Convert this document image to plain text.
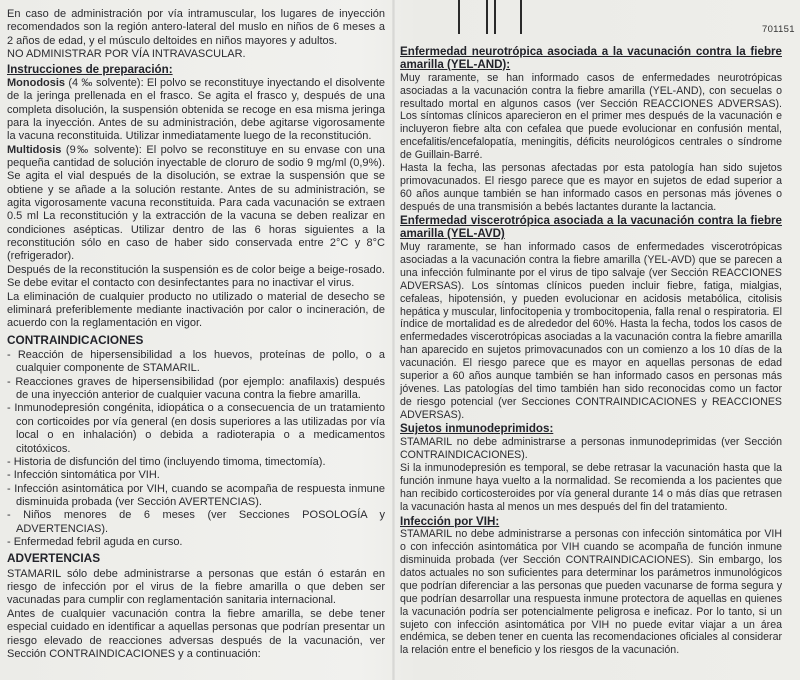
701151

En caso de administración por vía intramuscular, los lugares de inyección recomendados son la región antero-lateral del muslo en niños de 6 meses a 2 años de edad, y el músculo deltoides en niños mayores y adultos.

NO ADMINISTRAR POR VÍA INTRAVASCULAR.

Instrucciones de preparación:

Monodosis (4 ‰ solvente): El polvo se reconstituye inyectando el disolvente de la jeringa prellenada en el frasco. Se agita el frasco y, después de una completa disolución, la suspensión obtenida se recoge en esa misma jeringa para la inyección. Antes de su administración, debe agitarse vigorosamente la vacuna reconstituida. Utilizar inmediatamente luego de la reconstitución.

Multidosis (9‰ solvente): El polvo se reconstituye en su envase con una pequeña cantidad de solución inyectable de cloruro de sodio 9 mg/ml (0,9%). Se agita el vial después de la disolución, se extrae la suspensión que se obtiene y se añade a la solución restante. Antes de su administración, se agita vigorosamente vacuna reconstituida. Para cada vacunación se extraen 0.5 ml La reconstitución y la extracción de la vacuna se deben realizar en condiciones asépticas. Utilizar dentro de las 6 horas siguientes a la reconstitución sólo en caso de haber sido conservada entre 2°C y 8°C (refrigerador).

Después de la reconstitución la suspensión es de color beige a beige-rosado.

Se debe evitar el contacto con desinfectantes para no inactivar el virus.

La eliminación de cualquier producto no utilizado o material de desecho se eliminará preferiblemente mediante inactivación por calor o incineración, de acuerdo con la reglamentación en vigor.

CONTRAINDICACIONES

- Reacción de hipersensibilidad a los huevos, proteínas de pollo, o a cualquier componente de STAMARIL.
- Reacciones graves de hipersensibilidad (por ejemplo: anafilaxis) después de una inyección anterior de cualquier vacuna contra la fiebre amarilla.
- Inmunodepresión congénita, idiopática o a consecuencia de un tratamiento con corticoides por vía general (en dosis superiores a las utilizadas por vía local o en inhalación) o debida a radioterapia o a medicamentos citotóxicos.
- Historia de disfunción del timo (incluyendo timoma, timectomía).
- Infección sintomática por VIH.
- Infección asintomática por VIH, cuando se acompaña de respuesta inmune disminuida probada (ver Sección AVERTENCIAS).
- Niños menores de 6 meses (ver Secciones POSOLOGÍA y ADVERTENCIAS).
- Enfermedad febril aguda en curso.

ADVERTENCIAS

STAMARIL sólo debe administrarse a personas que están ó estarán en riesgo de infección por el virus de la fiebre amarilla o que deben ser vacunadas para cumplir con reglamentación sanitaria internacional.

Antes de cualquier vacunación contra la fiebre amarilla, se debe tener especial cuidado en identificar a aquellas personas que podrían presentar un riesgo elevado de reacciones adversas después de la vacunación, ver Sección CONTRAINDICACIONES y a continuación:

Enfermedad neurotrópica asociada a la vacunación contra la fiebre amarilla (YEL-AND):

Muy raramente, se han informado casos de enfermedades neurotrópicas asociadas a la vacunación contra la fiebre amarilla (YEL-AND), con secuelas o resultado mortal en algunos casos (ver Sección REACCIONES ADVERSAS). Los síntomas clínicos aparecieron en el primer mes después de la vacunación e incluyeron fiebre alta con cefalea que puede evolucionar en confusión mental, encefalitis/encefalopatía, meningitis, déficits neurológicos centrales o síndrome de Guillain-Barré.

Hasta la fecha, las personas afectadas por esta patología han sido sujetos primovacunados. El riesgo parece que es mayor en sujetos de edad superior a 60 años aunque también se han informado casos en personas más jóvenes o después de una transmisión a bebés lactantes durante la lactancia.

Enfermedad viscerotrópica asociada a la vacunación contra la fiebre amarilla (YEL-AVD)

Muy raramente, se han informado casos de enfermedades viscerotrópicas asociadas a la vacunación contra la fiebre amarilla (YEL-AVD) que se parecen a una infección fulminante por el virus de tipo salvaje (ver Sección REACCIONES ADVERSAS). Los síntomas clínicos pueden incluir fiebre, fatiga, mialgias, cefaleas, hipotensión, y pueden evolucionar en acidosis metabólica, citolisis hepática y muscular, linfocitopenia y trombocitopenia, falla renal o respiratoria. El índice de mortalidad es de alrededor del 60%. Hasta la fecha, todos los casos de enfermedades viscerotrópicas asociadas a la vacunación contra la fiebre amarilla han aparecido en sujetos primovacunados con un comienzo a los 10 días de la vacunación. El riesgo parece que es mayor en aquellas personas de edad superior a 60 años aunque también se han informado casos en personas más jóvenes. Las patologías del timo también han sido reconocidas como un factor de riesgo potencial (ver Secciones CONTRAINDICACIONES y REACCIONES ADVERSAS).

Sujetos inmunodeprimidos:

STAMARIL no debe administrarse a personas inmunodeprimidas (ver Sección CONTRAINDICACIONES).

Si la inmunodepresión es temporal, se debe retrasar la vacunación hasta que la función inmune haya vuelto a la normalidad. Se recomienda a los pacientes que han recibido corticosteroides por vía general durante 14 o más días que retrasen la vacunación hasta al menos un mes después del fin del tratamiento.

Infección por VIH:

STAMARIL no debe administrarse a personas con infección sintomática por VIH o con infección asintomática por VIH cuando se acompaña de función inmune disminuida probada (ver Sección CONTRAINDICACIONES). Sin embargo, los datos actuales no son suficientes para determinar los parámetros inmunológicos que podrían diferenciar a las personas que pueden vacunarse de forma segura y que podrían desarrollar una respuesta inmune protectora de aquellas en quienes la vacunación podría ser potencialmente peligrosa e ineficaz. Por lo tanto, si un sujeto con infección asintomática por VIH no puede evitar viajar a un área endémica, se deben tener en cuenta las recomendaciones oficiales al considerar la relación entre el beneficio y los riesgos de la vacunación.
